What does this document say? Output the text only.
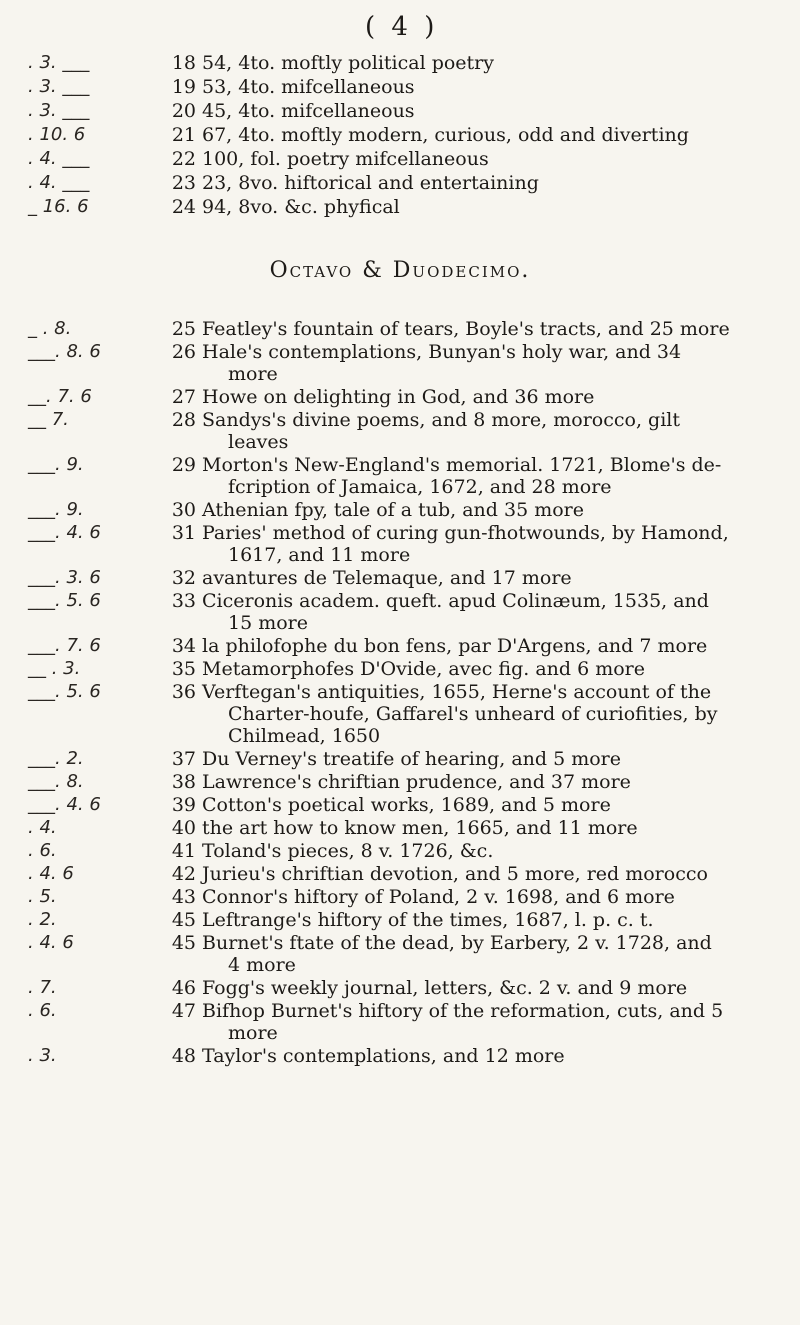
( 4 )
. 3. ___	18 54, 4to. moftly political poetry
. 3. ___	19 53, 4to. mifcellaneous
. 3. ___	20 45, 4to. mifcellaneous
. 10. 6	21 67, 4to. moftly modern, curious, odd and diverting
. 4. ___	22 100, fol. poetry mifcellaneous
. 4. ___	23 23, 8vo. hiftorical and entertaining
_ 16. 6	24 94, 8vo. &c. phyfical
Octavo & Duodecimo.
_ . 8.	25 Featley's fountain of tears, Boyle's tracts, and 25 more
___. 8. 6	26 Hale's contemplations, Bunyan's holy war, and 34
more
__. 7. 6	27 Howe on delighting in God, and 36 more
__ 7.	28 Sandys's divine poems, and 8 more, morocco, gilt
leaves
___. 9.	29 Morton's New-England's memorial. 1721, Blome's de-
fcription of Jamaica, 1672, and 28 more
___. 9.	30 Athenian fpy, tale of a tub, and 35 more
___. 4. 6	31 Paries' method of curing gun-fhotwounds, by Hamond,
1617, and 11 more
___. 3. 6	32 avantures de Telemaque, and 17 more
___. 5. 6	33 Ciceronis academ. queft. apud Colinæum, 1535, and
15 more
___. 7. 6	34 la philofophe du bon fens, par D'Argens, and 7 more
__ . 3.	35 Metamorphofes D'Ovide, avec fig. and 6 more
___. 5. 6	36 Verftegan's antiquities, 1655, Herne's account of the
Charter-houfe, Gaffarel's unheard of curiofities, by
Chilmead, 1650
___. 2.	37 Du Verney's treatife of hearing, and 5 more
___. 8.	38 Lawrence's chriftian prudence, and 37 more
___. 4. 6	39 Cotton's poetical works, 1689, and 5 more
. 4.	40 the art how to know men, 1665, and 11 more
. 6.	41 Toland's pieces, 8 v. 1726, &c.
. 4. 6	42 Jurieu's chriftian devotion, and 5 more, red morocco
. 5.	43 Connor's hiftory of Poland, 2 v. 1698, and 6 more
. 2.	45 Leftrange's hiftory of the times, 1687, l. p. c. t.
. 4. 6	45 Burnet's ftate of the dead, by Earbery, 2 v. 1728, and
4 more
. 7.	46 Fogg's weekly journal, letters, &c. 2 v. and 9 more
. 6.	47 Bifhop Burnet's hiftory of the reformation, cuts, and 5
more
. 3.	48 Taylor's contemplations, and 12 more
